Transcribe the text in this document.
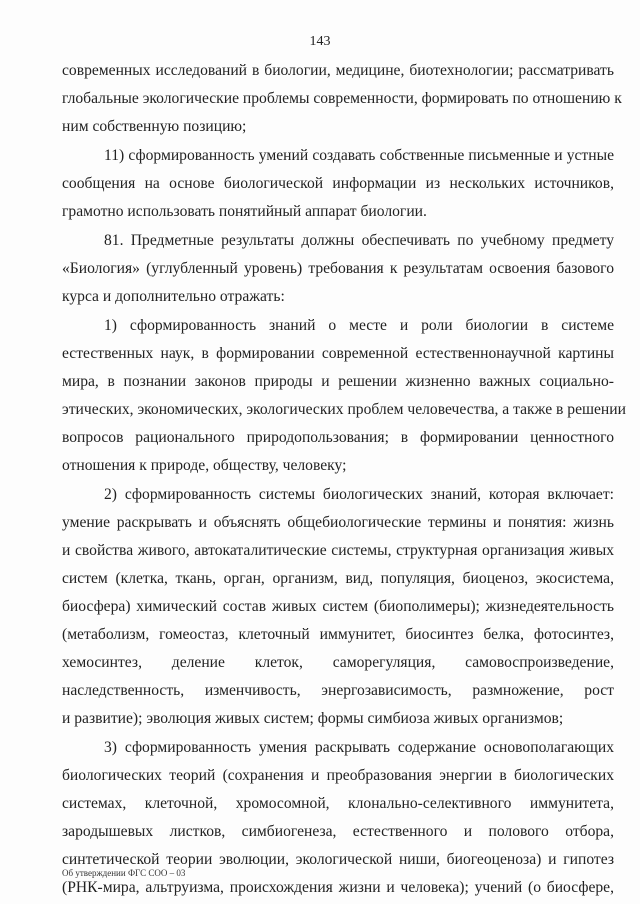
143

современных исследований в биологии, медицине, биотехнологии; рассматривать

глобальные экологические проблемы современности, формировать по отношению к

ним собственную позицию;

11) сформированность умений создавать собственные письменные и устные

сообщения на основе биологической информации из нескольких источников,

грамотно использовать понятийный аппарат биологии.

81. Предметные результаты должны обеспечивать по учебному предмету

«Биология» (углубленный уровень) требования к результатам освоения базового

курса и дополнительно отражать:

1) сформированность знаний о месте и роли биологии в системе

естественных наук, в формировании современной естественнонаучной картины

мира, в познании законов природы и решении жизненно важных социально-

этических, экономических, экологических проблем человечества, а также в решении

вопросов рационального природопользования; в формировании ценностного

отношения к природе, обществу, человеку;

2) сформированность системы биологических знаний, которая включает:

умение раскрывать и объяснять общебиологические термины и понятия: жизнь

и свойства живого, автокаталитические системы, структурная организация живых

систем (клетка, ткань, орган, организм, вид, популяция, биоценоз, экосистема,

биосфера) химический состав живых систем (биополимеры); жизнедеятельность

(метаболизм, гомеостаз, клеточный иммунитет, биосинтез белка, фотосинтез,

хемосинтез, деление клеток, саморегуляция, самовоспроизведение,

наследственность, изменчивость, энергозависимость, размножение, рост

и развитие); эволюция живых систем; формы симбиоза живых организмов;

3) сформированность умения раскрывать содержание основополагающих

биологических теорий (сохранения и преобразования энергии в биологических

системах, клеточной, хромосомной, клонально-селективного иммунитета,

зародышевых листков, симбиогенеза, естественного и полового отбора,

синтетической теории эволюции, экологической ниши, биогеоценоза) и гипотез

(РНК-мира, альтруизма, происхождения жизни и человека); учений (о биосфере,

Об утверждении ФГС СОО – 03
